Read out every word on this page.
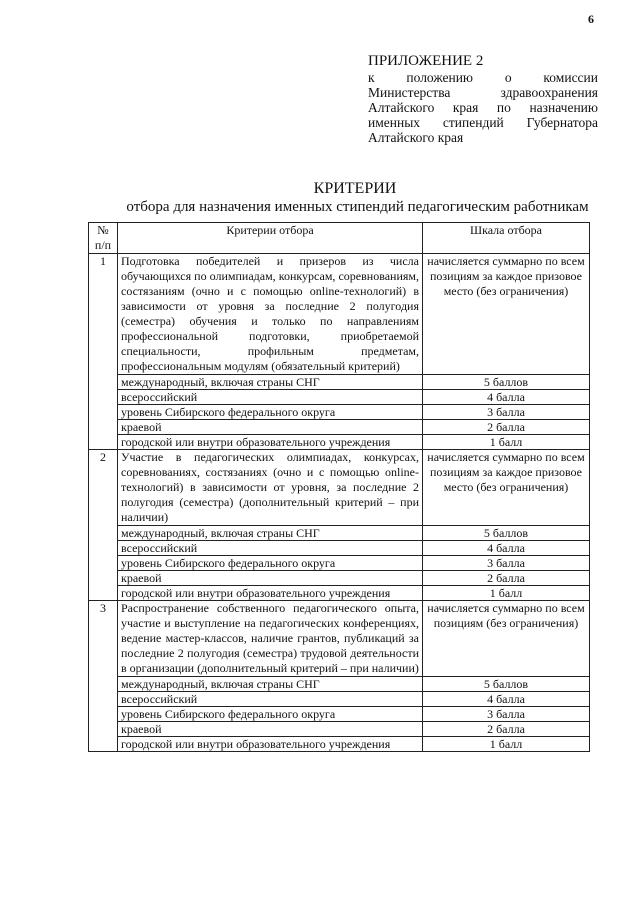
6

ПРИЛОЖЕНИЕ 2

к положению о комиссии Министерства здравоохранения Алтайского края по назначению именных стипендий Губернатора Алтайского края

КРИТЕРИИ
отбора для назначения именных стипендий педагогическим работникам
№ п/п	Критерии отбора	Шкала отбора
1	Подготовка победителей и призеров из числа обучающихся по олимпиадам, конкурсам, соревнованиям, состязаниям (очно и с помощью online-технологий) в зависимости от уровня за последние 2 полугодия (семестра) обучения и только по направлениям профессиональной подготовки, приобретаемой специальности, профильным предметам, профессиональным модулям (обязательный критерий)	начисляется суммарно по всем позициям за каждое призовое место (без ограничения)
	международный, включая страны СНГ	5 баллов
	всероссийский	4 балла
	уровень Сибирского федерального округа	3 балла
	краевой	2 балла
	городской или внутри образовательного учреждения	1 балл
2	Участие в педагогических олимпиадах, конкурсах, соревнованиях, состязаниях (очно и с помощью online-технологий) в зависимости от уровня, за последние 2 полугодия (семестра) (дополнительный критерий – при наличии)	начисляется суммарно по всем позициям за каждое призовое место (без ограничения)
	международный, включая страны СНГ	5 баллов
	всероссийский	4 балла
	уровень Сибирского федерального округа	3 балла
	краевой	2 балла
	городской или внутри образовательного учреждения	1 балл
3	Распространение собственного педагогического опыта, участие и выступление на педагогических конференциях, ведение мастер-классов, наличие грантов, публикаций за последние 2 полугодия (семестра) трудовой деятельности в организации (дополнительный критерий – при наличии)	начисляется суммарно по всем позициям (без ограничения)
	международный, включая страны СНГ	5 баллов
	всероссийский	4 балла
	уровень Сибирского федерального округа	3 балла
	краевой	2 балла
	городской или внутри образовательного учреждения	1 балл
